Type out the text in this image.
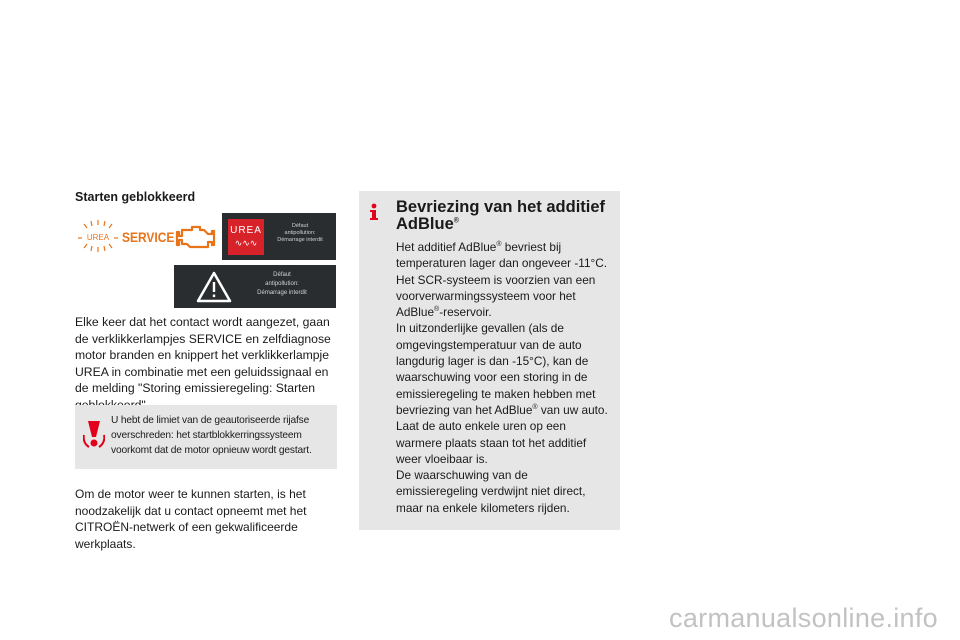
Starten geblokkeerd
UREA SERVICE	UREA
∿∿∿
Défaut
antipollution:
Démarrage interdit
Défaut
antipollution:
Démarrage interdit

Elke keer dat het contact wordt aangezet, gaan de verklikkerlampjes SERVICE en zelfdiagnose motor branden en knippert het verklikkerlampje UREA in combinatie met een geluidssignaal en de melding "Storing emissieregeling: Starten

U hebt de limiet van de geautoriseerde rijafse overschreden: het startblokkerringssysteem voorkomt dat de motor opnieuw wordt gestart.

Om de motor weer te kunnen starten, is het noodzakelijk dat u contact opneemt met het CITROËN-netwerk of een gekwalificeerde werkplaats.

Bevriezing van het additief AdBlue®
Het additief AdBlue® bevriest bij
temperaturen lager dan ongeveer -11°C.
Het SCR-systeem is voorzien van een
voorverwarmingssysteem voor het
AdBlue®-reservoir.
In uitzonderlijke gevallen (als de
omgevingstemperatuur van de auto
langdurig lager is dan -15°C), kan de
waarschuwing voor een storing in de
emissieregeling te maken hebben met
bevriezing van het AdBlue® van uw auto.
Laat de auto enkele uren op een
warmere plaats staan tot het additief
weer vloeibaar is.
De waarschuwing van de
emissieregeling verdwijnt niet direct,
maar na enkele kilometers rijden.
carmanualsonline.info
